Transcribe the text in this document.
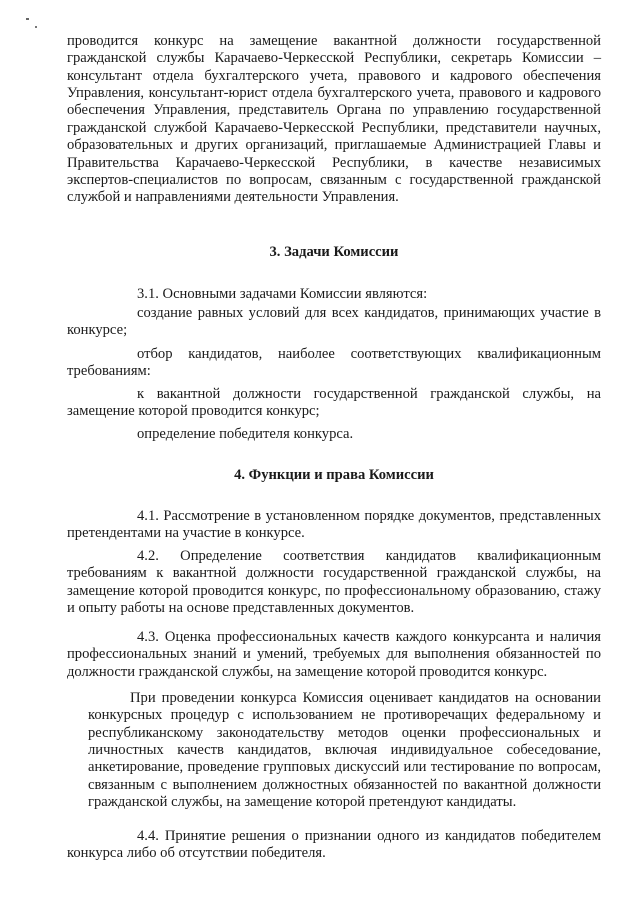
проводится конкурс на замещение вакантной должности государственной гражданской службы Карачаево-Черкесской Республики, секретарь Комиссии – консультант отдела бухгалтерского учета, правового и кадрового обеспечения Управления, консультант-юрист отдела бухгалтерского учета, правового и кадрового обеспечения Управления, представитель Органа по управлению государственной гражданской службой Карачаево-Черкесской Республики, представители научных, образовательных и других организаций, приглашаемые Администрацией Главы и Правительства Карачаево-Черкесской Республики, в качестве независимых экспертов-специалистов по вопросам, связанным с государственной гражданской службой и направлениями деятельности Управления.

3. Задачи Комиссии

3.1. Основными задачами Комиссии являются:

создание равных условий для всех кандидатов, принимающих участие в конкурсе;

отбор кандидатов, наиболее соответствующих квалификационным требованиям:

к вакантной должности государственной гражданской службы, на замещение которой проводится конкурс;

определение победителя конкурса.

4. Функции и права Комиссии

4.1. Рассмотрение в установленном порядке документов, представленных претендентами на участие в конкурсе.

4.2. Определение соответствия кандидатов квалификационным требованиям к вакантной должности государственной гражданской службы, на замещение которой проводится конкурс, по профессиональному образованию, стажу и опыту работы на основе представленных документов.

4.3. Оценка профессиональных качеств каждого конкурсанта и наличия профессиональных знаний и умений, требуемых для выполнения обязанностей по должности гражданской службы, на замещение которой проводится конкурс.

При проведении конкурса Комиссия оценивает кандидатов на основании конкурсных процедур с использованием не противоречащих федеральному и республиканскому законодательству методов оценки профессиональных и личностных качеств кандидатов, включая индивидуальное собеседование, анкетирование, проведение групповых дискуссий или тестирование по вопросам, связанным с выполнением должностных обязанностей по вакантной должности гражданской службы, на замещение которой претендуют кандидаты.

4.4. Принятие решения о признании одного из кандидатов победителем конкурса либо об отсутствии победителя.
